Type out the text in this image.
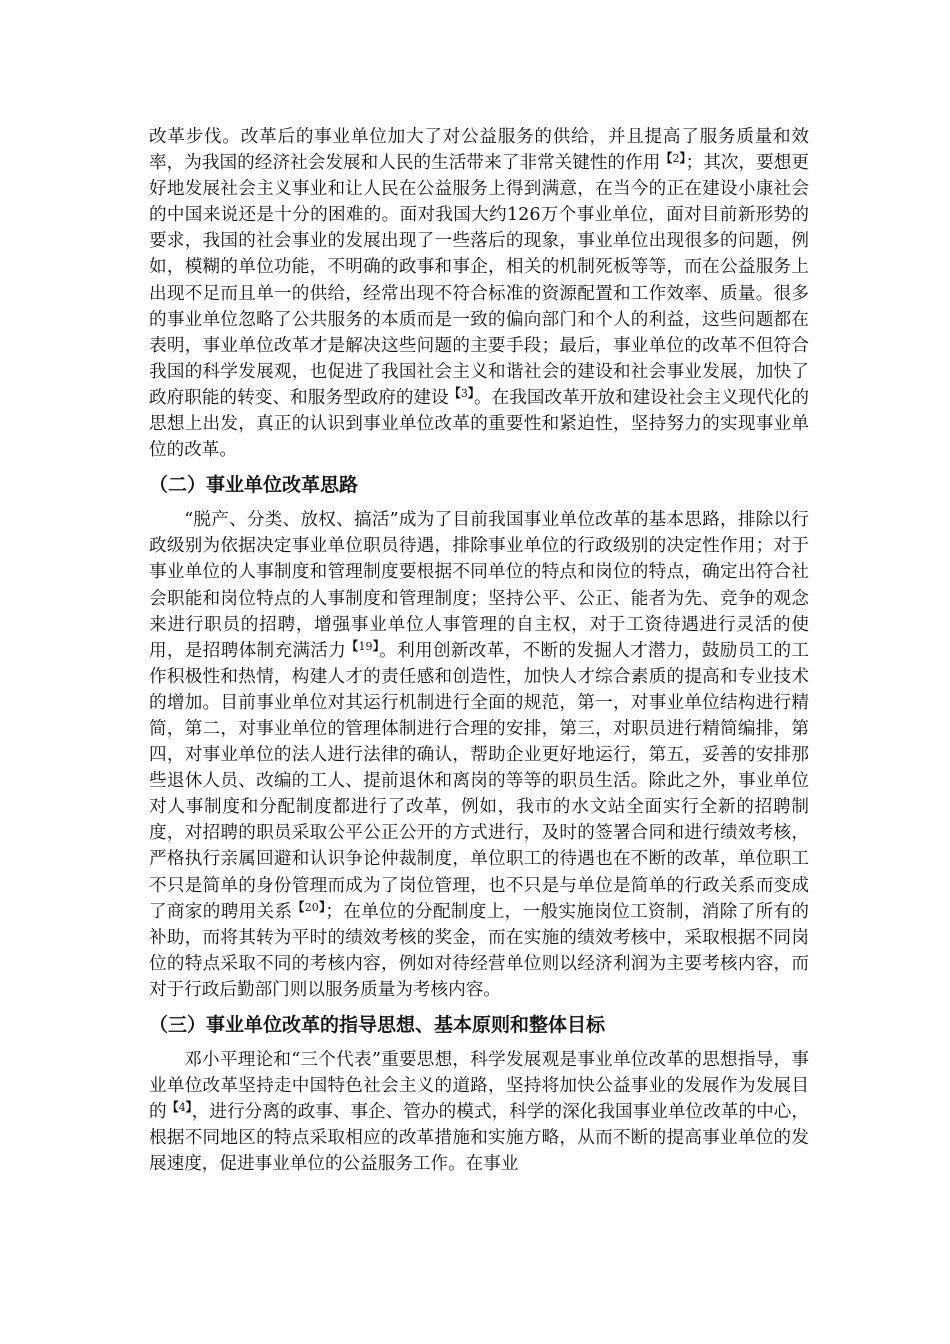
改革步伐。改革后的事业单位加大了对公益服务的供给，并且提高了服务质量和效率，为我国的经济社会发展和人民的生活带来了非常关键性的作用$^{【2】}$；其次，要想更好地发展社会主义事业和让人民在公益服务上得到满意，在当今的正在建设小康社会的中国来说还是十分的困难的。面对我国大约126万个事业单位，面对目前新形势的要求，我国的社会事业的发展出现了一些落后的现象，事业单位出现很多的问题，例如，模糊的单位功能，不明确的政事和事企，相关的机制死板等等，而在公益服务上出现不足而且单一的供给，经常出现不符合标准的资源配置和工作效率、质量。很多的事业单位忽略了公共服务的本质而是一致的偏向部门和个人的利益，这些问题都在表明，事业单位改革才是解决这些问题的主要手段；最后，事业单位的改革不但符合我国的科学发展观，也促进了我国社会主义和谐社会的建设和社会事业发展，加快了政府职能的转变、和服务型政府的建设$^{【3】}$。在我国改革开放和建设社会主义现代化的思想上出发，真正的认识到事业单位改革的重要性和紧迫性，坚持努力的实现事业单位的改革。

（二）事业单位改革思路

“脱产、分类、放权、搞活”成为了目前我国事业单位改革的基本思路，排除以行政级别为依据决定事业单位职员待遇，排除事业单位的行政级别的决定性作用；对于事业单位的人事制度和管理制度要根据不同单位的特点和岗位的特点，确定出符合社会职能和岗位特点的人事制度和管理制度；坚持公平、公正、能者为先、竞争的观念来进行职员的招聘，增强事业单位人事管理的自主权，对于工资待遇进行灵活的使用，是招聘体制充满活力$^{【19】}$。利用创新改革，不断的发掘人才潜力，鼓励员工的工作积极性和热情，构建人才的责任感和创造性，加快人才综合素质的提高和专业技术的增加。目前事业单位对其运行机制进行全面的规范，第一，对事业单位结构进行精简，第二，对事业单位的管理体制进行合理的安排，第三，对职员进行精简编排，第四，对事业单位的法人进行法律的确认，帮助企业更好地运行，第五，妥善的安排那些退休人员、改编的工人、提前退休和离岗的等等的职员生活。除此之外，事业单位对人事制度和分配制度都进行了改革，例如，我市的水文站全面实行全新的招聘制度，对招聘的职员采取公平公正公开的方式进行，及时的签署合同和进行绩效考核，严格执行亲属回避和认识争论仲裁制度，单位职工的待遇也在不断的改革，单位职工不只是简单的身份管理而成为了岗位管理，也不只是与单位是简单的行政关系而变成了商家的聘用关系$^{【20】}$；在单位的分配制度上，一般实施岗位工资制，消除了所有的补助，而将其转为平时的绩效考核的奖金，而在实施的绩效考核中，采取根据不同岗位的特点采取不同的考核内容，例如对待经营单位则以经济利润为主要考核内容，而对于行政后勤部门则以服务质量为考核内容。

（三）事业单位改革的指导思想、基本原则和整体目标

邓小平理论和“三个代表”重要思想，科学发展观是事业单位改革的思想指导，事业单位改革坚持走中国特色社会主义的道路，坚持将加快公益事业的发展作为发展目的$^{【4】}$，进行分离的政事、事企、管办的模式，科学的深化我国事业单位改革的中心，根据不同地区的特点采取相应的改革措施和实施方略，从而不断的提高事业单位的发展速度，促进事业单位的公益服务工作。在事业
